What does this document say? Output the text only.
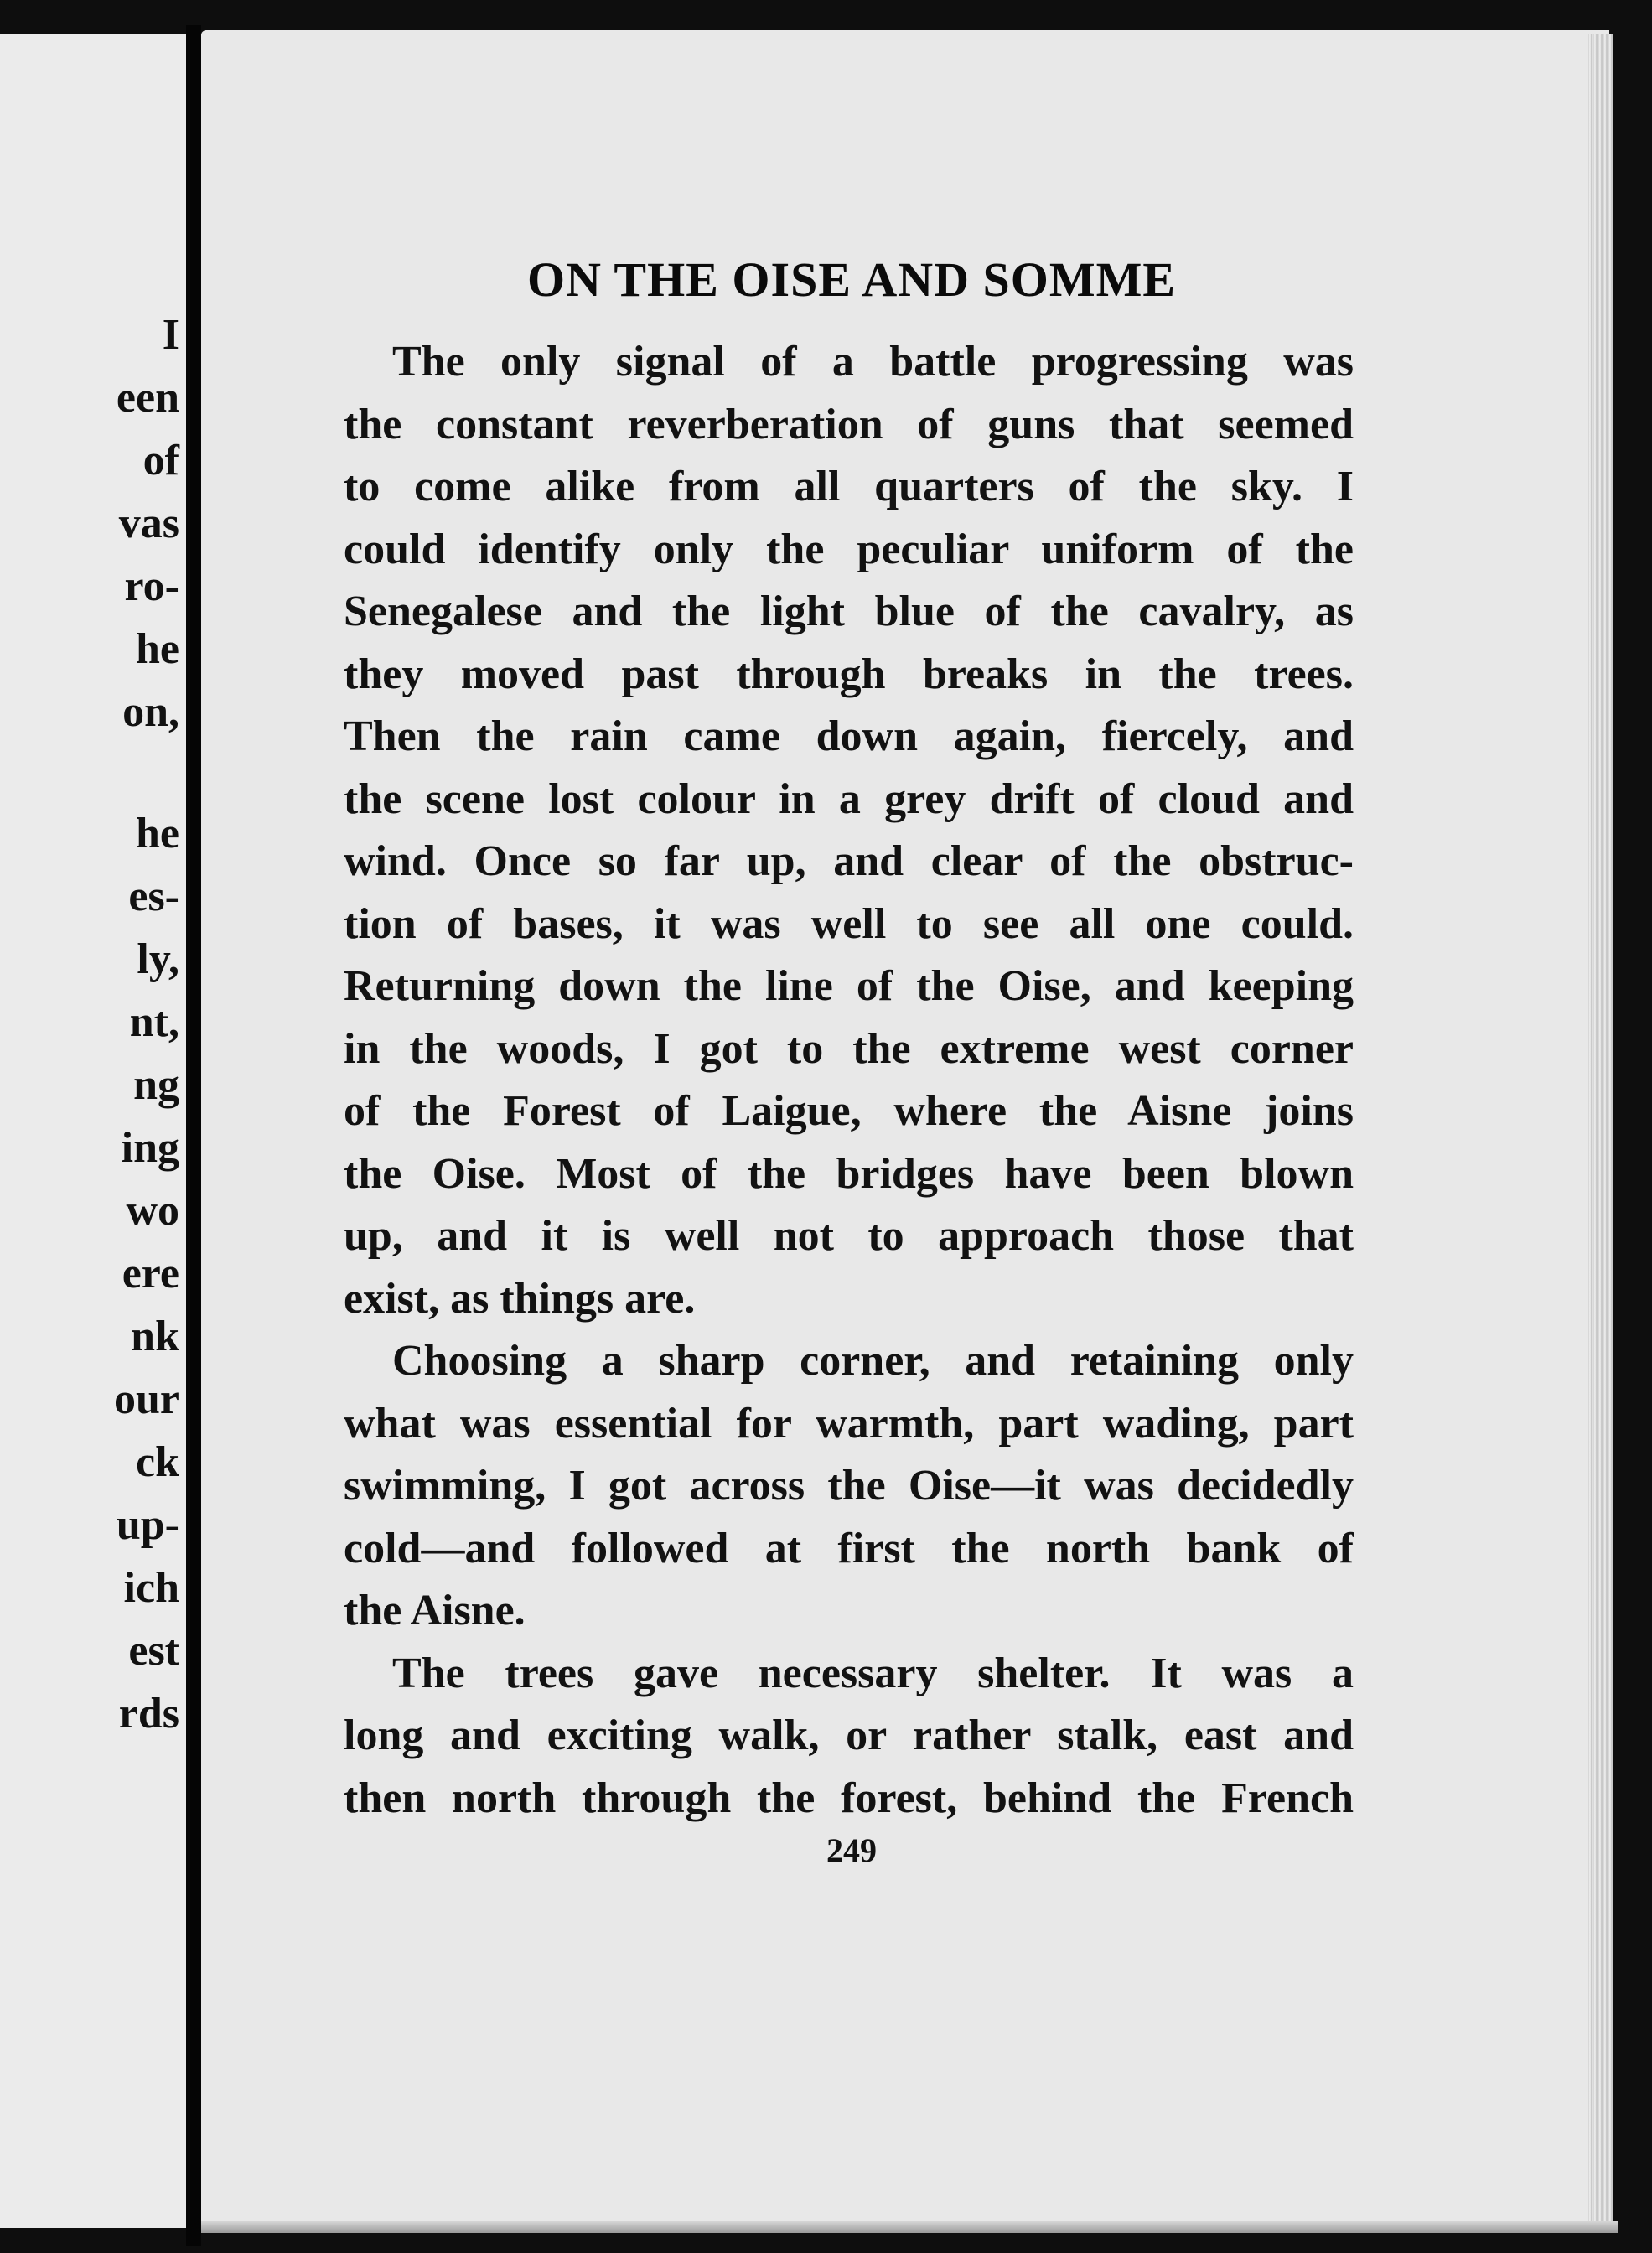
I
een
of
vas
ro-
he
on,
he
es-
ly,
nt,
ng
ing
wo
ere
nk
our
ck
up-
ich
est
rds
ON THE OISE AND SOMME
The only signal of a battle progressing was
the constant reverberation of guns that seemed
to come alike from all quarters of the sky. I
could identify only the peculiar uniform of the
Senegalese and the light blue of the cavalry, as
they moved past through breaks in the trees.
Then the rain came down again, fiercely, and
the scene lost colour in a grey drift of cloud and
wind. Once so far up, and clear of the obstruc-
tion of bases, it was well to see all one could.
Returning down the line of the Oise, and keeping
in the woods, I got to the extreme west corner
of the Forest of Laigue, where the Aisne joins
the Oise. Most of the bridges have been blown
up, and it is well not to approach those that
exist, as things are.
Choosing a sharp corner, and retaining only
what was essential for warmth, part wading, part
swimming, I got across the Oise—it was decidedly
cold—and followed at first the north bank of
the Aisne.
The trees gave necessary shelter. It was a
long and exciting walk, or rather stalk, east and
then north through the forest, behind the French
249
